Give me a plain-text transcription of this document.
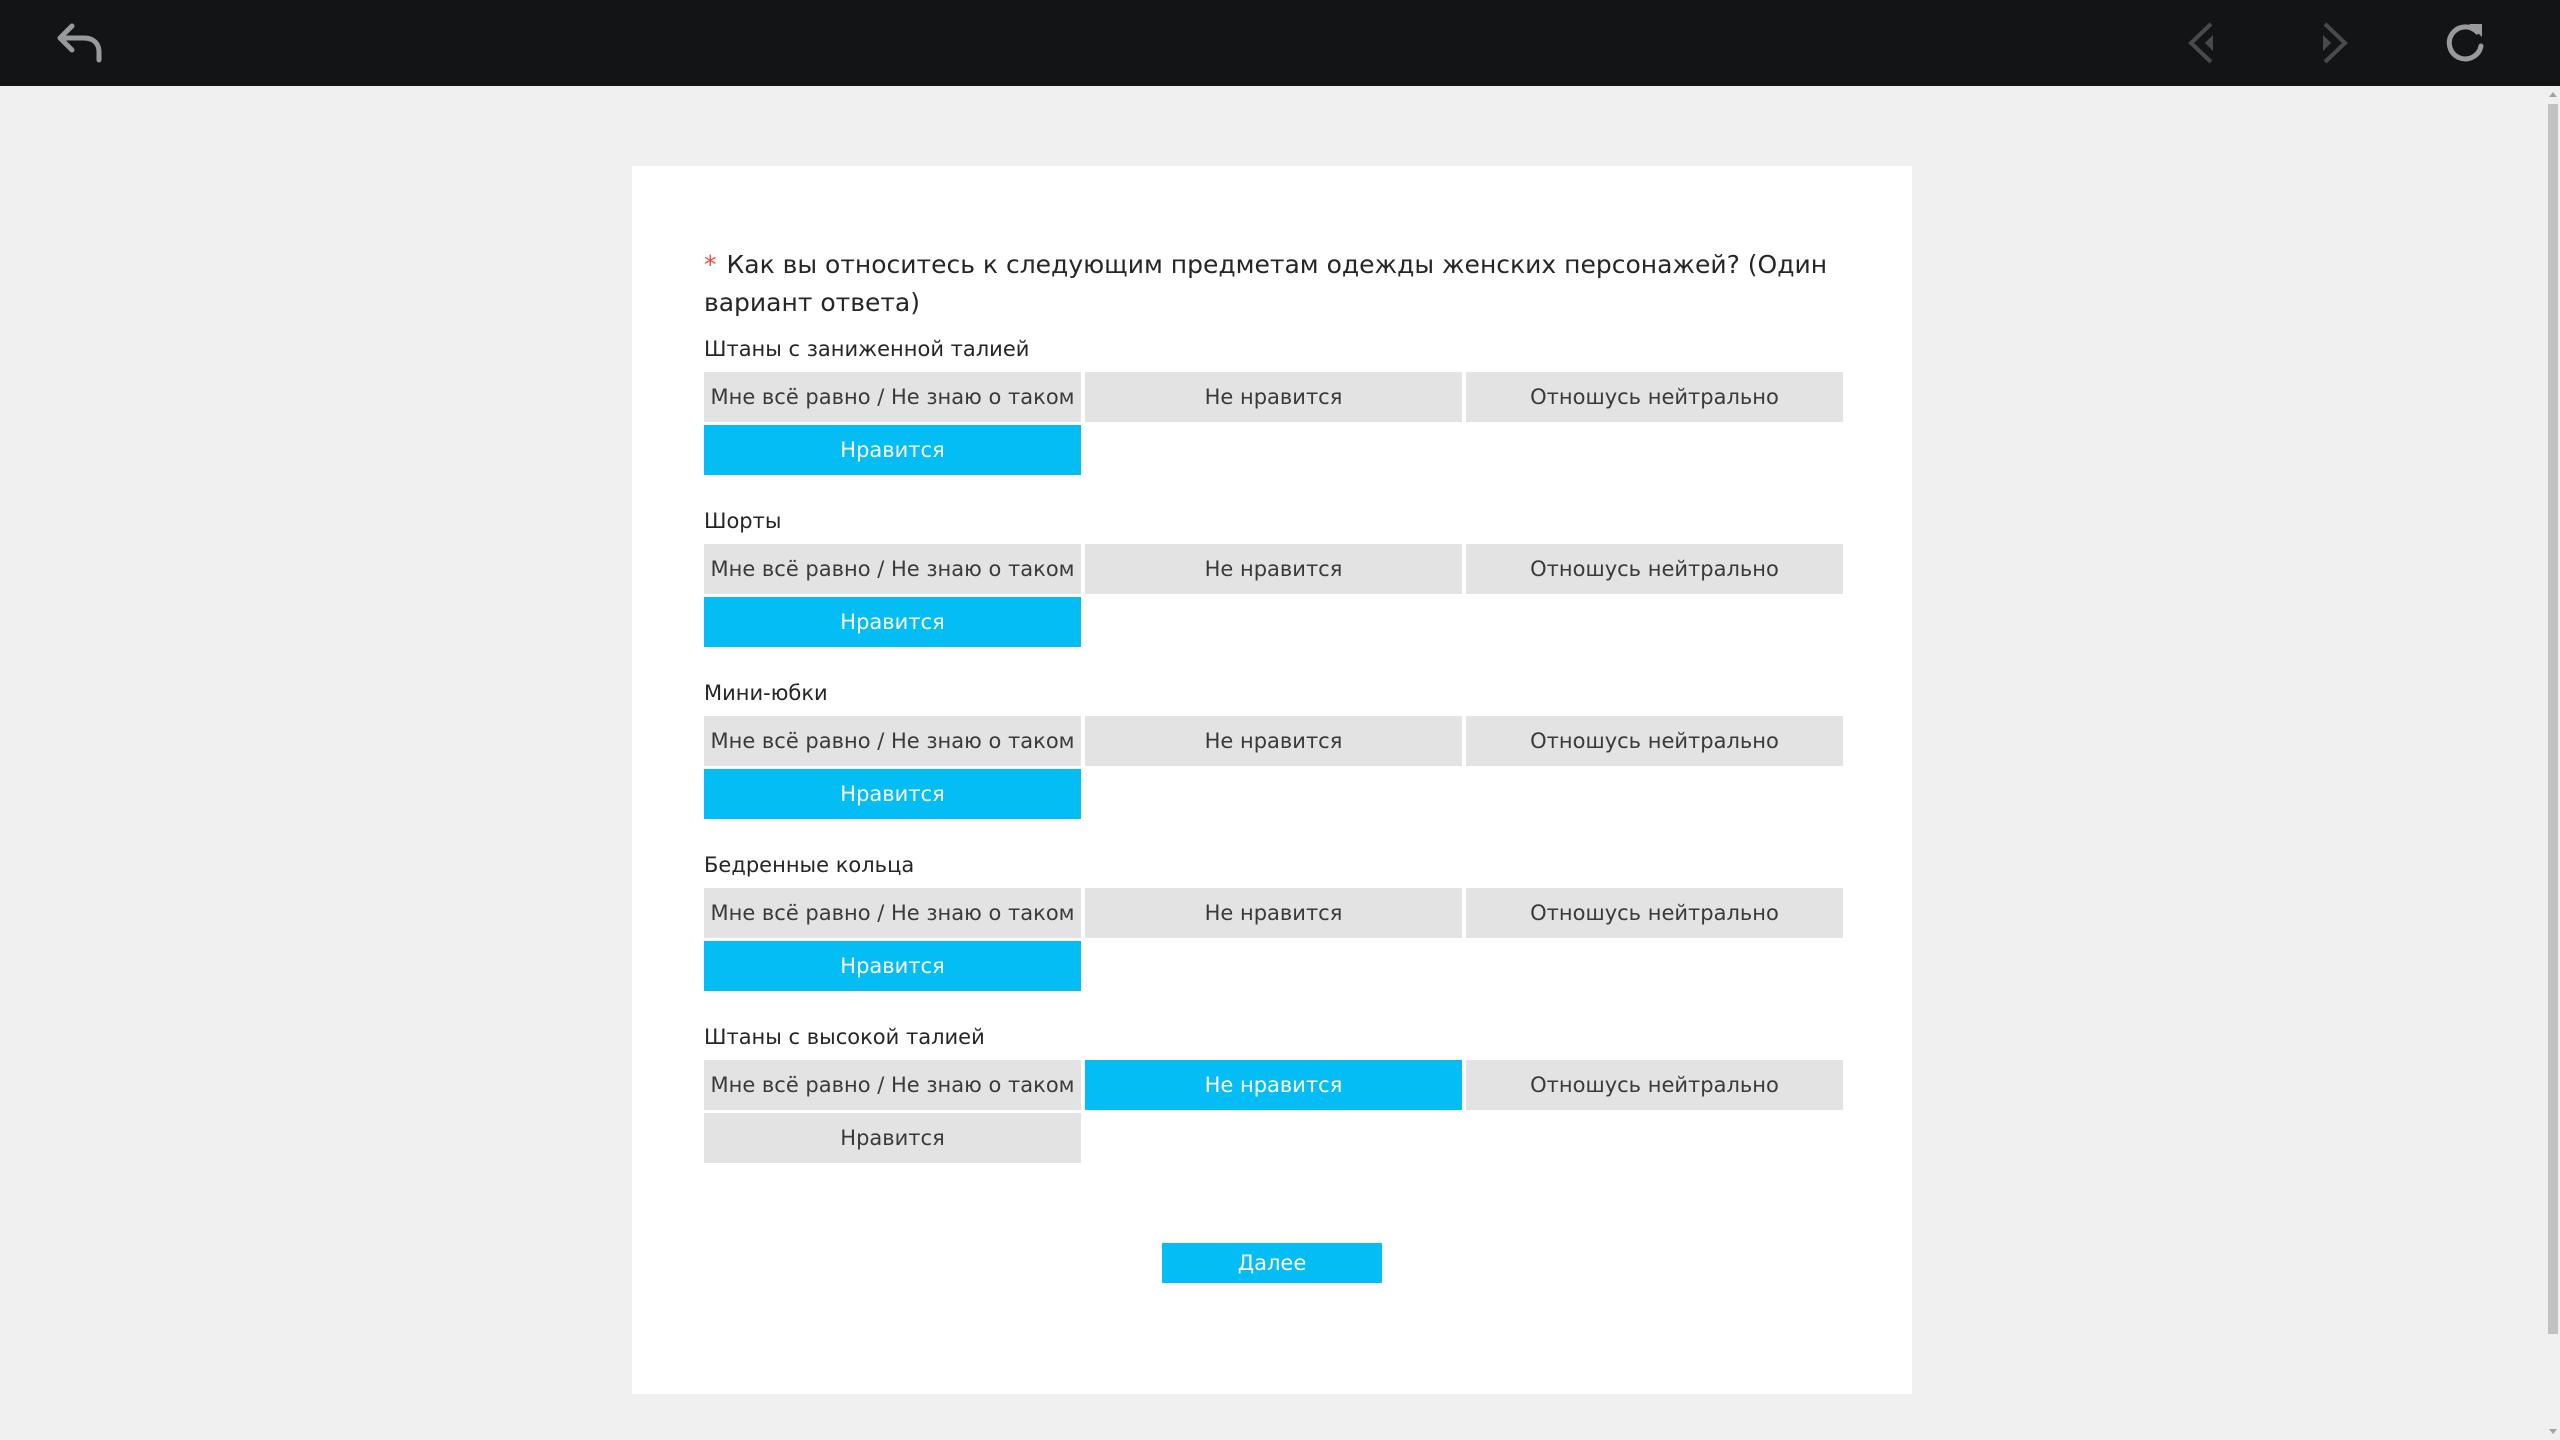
* Как вы относитесь к следующим предметам одежды женских персонажей? (Один вариант ответа)
Штаны с заниженной талией
Мне всё равно / Не знаю о таком	Не нравится	Отношусь нейтрально
Нравится
Шорты
Мне всё равно / Не знаю о таком	Не нравится	Отношусь нейтрально
Нравится
Мини-юбки
Мне всё равно / Не знаю о таком	Не нравится	Отношусь нейтрально
Нравится
Бедренные кольца
Мне всё равно / Не знаю о таком	Не нравится	Отношусь нейтрально
Нравится
Штаны с высокой талией
Мне всё равно / Не знаю о таком	Не нравится	Отношусь нейтрально
Нравится
Далее
